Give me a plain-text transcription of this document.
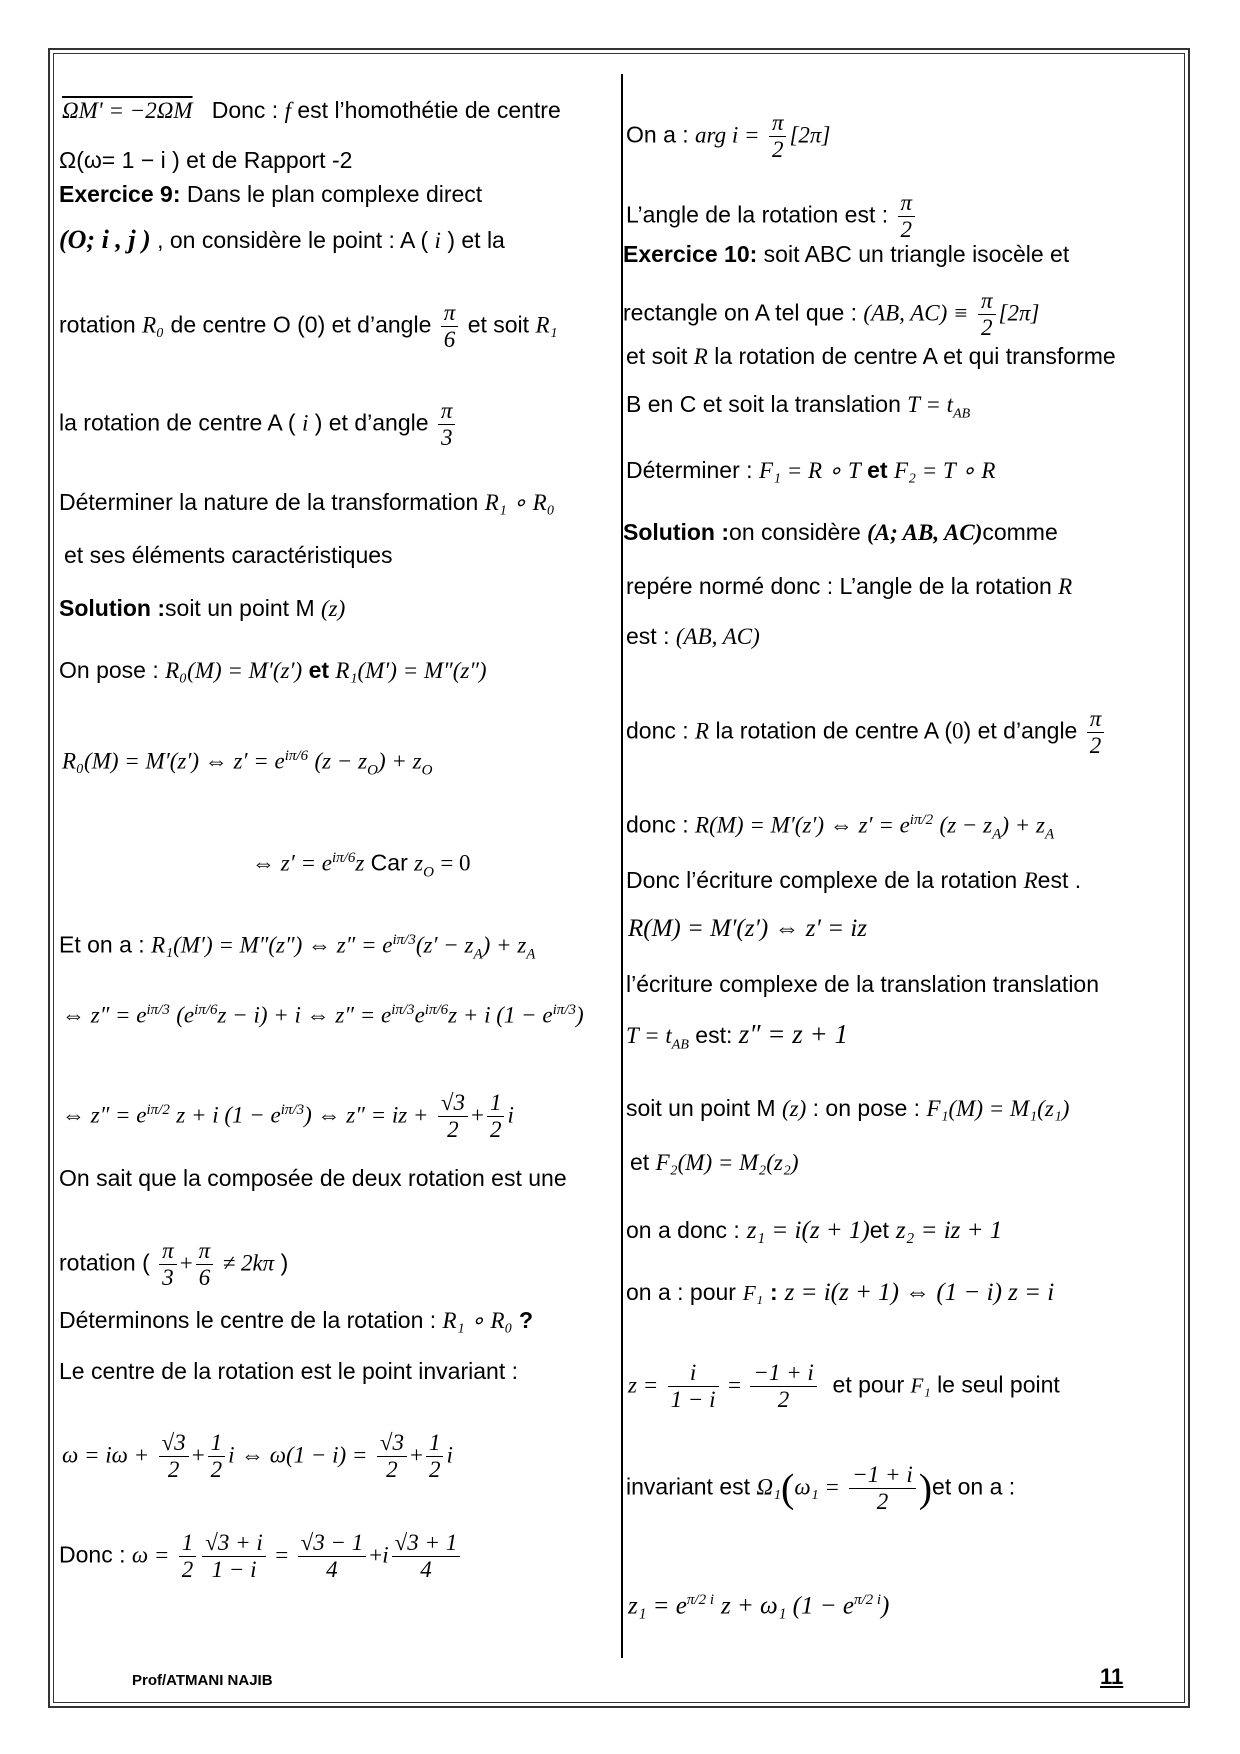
ΩM' = −2ΩM Donc : f est l’homothétie de centre
Ω(ω= 1 − i ) et de Rapport -2
Exercice 9: Dans le plan complexe direct
(O; i , j ) , on considère le point : A ( i ) et la
rotation R₀ de centre O (0) et d’angle $\frac{\pi}{6}$ et soit R₁
la rotation de centre A ( i ) et d’angle $\frac{\pi}{3}$
Déterminer la nature de la transformation R₁ ∘ R₀
et ses éléments caractéristiques
Solution :soit un point M (z)
On pose : R₀(M) = M′(z′) et R₁(M′) = M″(z″)
R₀(M) = M′(z′) ⇔ $z' = e^{i\pi/6}$ $(z - z_O) + z_O$
⇔ $z' = e^{i\pi/6}z$ Car $z_O = 0$
Et on a : R₁(M′) = M″(z″) ⇔ $z'' = e^{i\pi/3}(z' - z_A) + z_A$
⇔ $z'' = e^{i\pi/3}$ $(e^{i\pi/6}z - i) + i$ ⇔ $z'' = e^{i\pi/3}e^{i\pi/6}z + i$ $(1 - e^{i\pi/3})$
⇔ $z'' = e^{i\pi/2}$ z + i $(1 - e^{i\pi/3})$ ⇔ z″ = iz + $\frac{√3}{2} + \frac{1}{2}$ i
On sait que la composée de deux rotation est une
rotation ( $\frac{\pi}{3} + \frac{\pi}{6} \ne 2k\pi$ )
Déterminons le centre de la rotation : R₁ ∘ R₀ ?
Le centre de la rotation est le point invariant :
$\omega = i\omega + \frac{√3}{2} + \frac{1}{2}$ i ⇔ $\omega(1 - i) = \frac{√3}{2} + \frac{1}{2}$ i
Donc : $\omega = \frac{1}{2} \frac{√3 + i}{1 - i} = \frac{√3 - 1}{4} +i \frac{√3 + 1}{4}$
On a : arg $i = \frac{\pi}{2} [2\pi]$
L’angle de la rotation est : $\frac{\pi}{2}$
Exercice 10: soit ABC un triangle isocèle et
rectangle on A tel que : (AB, $AC) \equiv \frac{\pi}{2} [2\pi]$
et soit R la rotation de centre A et qui transforme
B en C et soit la translation $T = t_{AB}$
Déterminer : F₁ = R ∘ T et F₂ = T ∘ R
Solution :on considère (A; AB, AC)comme
repére normé donc : L’angle de la rotation R
est : (AB, AC)
donc : R la rotation de centre A (0) et d’angle $\frac{\pi}{2}$
donc : R(M) = M′(z′) ⇔ $z' = e^{i\pi/2}$ $(z - z_A) + z_A$
Donc l’écriture complexe de la rotation Rest .
R(M) = M′(z′) ⇔ z′ = iz
l’écriture complexe de la translation translation
$T = t_{AB}$ est: z″ = z + 1
soit un point M (z) : on pose : F₁(M) = M₁(z₁)
et F₂(M) = M₂(z₂)
on a donc : z₁ = i(z + 1)et z₂ = iz + 1
on a : pour F₁ : z = i(z + 1) ⇔ (1 − i) z = i
$z = \frac{i}{1 - i} = \frac{-1 + i}{2}$ et pour F₁ le seul point
invariant est $\Omega_1(\omega_1 = \frac{-1 + i}{2} )et$ on a :
$z_1 = e^{\pi/2 i}$ z + ω₁ $(1 - e^{\pi/2 i})$
Prof/ATMANI NAJIB	11
